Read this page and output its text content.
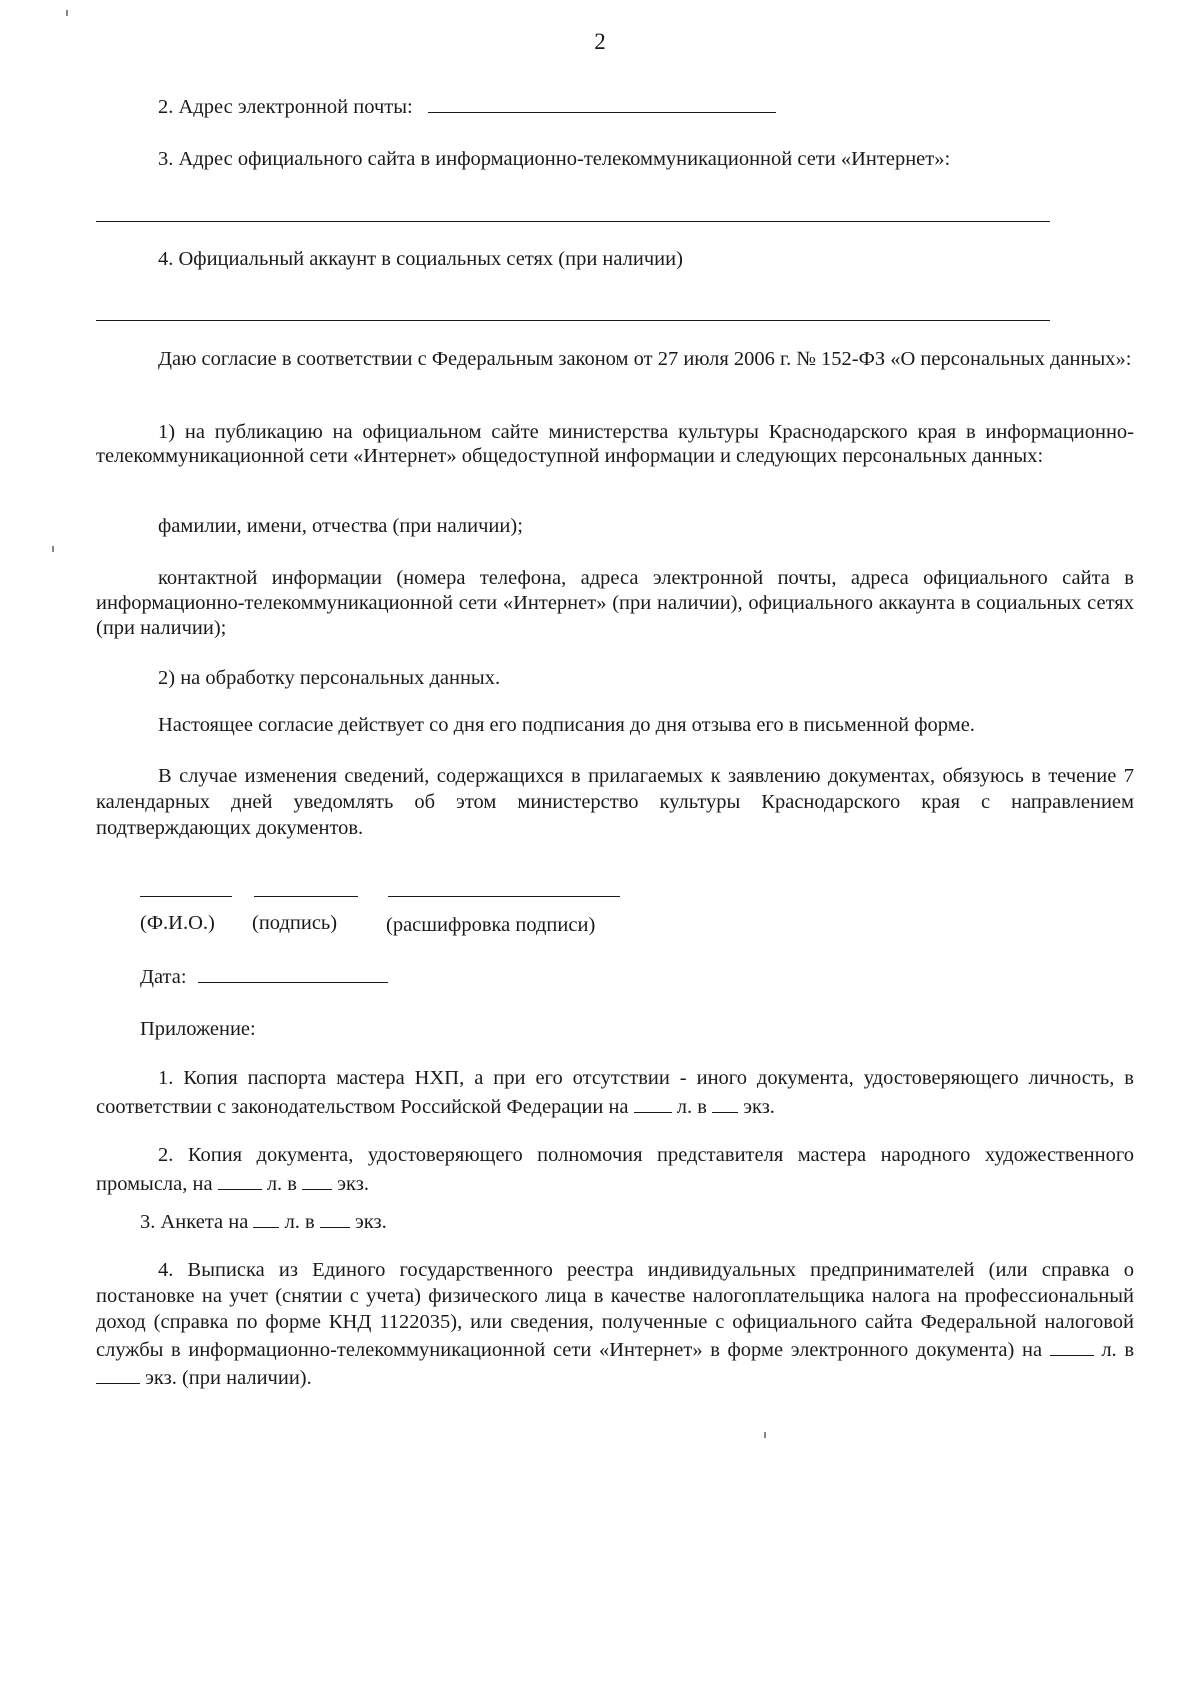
2
2. Адрес электронной почты:
3. Адрес официального сайта в информационно-телекоммуникационной сети «Интернет»:
4. Официальный аккаунт в социальных сетях (при наличии)
Даю согласие в соответствии с Федеральным законом от 27 июля 2006 г. № 152-ФЗ «О персональных данных»:
1) на публикацию на официальном сайте министерства культуры Краснодарского края в информационно-телекоммуникационной сети «Интернет» общедоступной информации и следующих персональных данных:
фамилии, имени, отчества (при наличии);
контактной информации (номера телефона, адреса электронной почты, адреса официального сайта в информационно-телекоммуникационной сети «Интернет» (при наличии), официального аккаунта в социальных сетях (при наличии);
2) на обработку персональных данных.
Настоящее согласие действует со дня его подписания до дня отзыва его в письменной форме.
В случае изменения сведений, содержащихся в прилагаемых к заявлению документах, обязуюсь в течение 7 календарных дней уведомлять об этом министерство культуры Краснодарского края с направлением подтверждающих документов.
(Ф.И.О.) (подпись) (расшифровка подписи)
Дата:
Приложение:
1. Копия паспорта мастера НХП, а при его отсутствии - иного документа, удостоверяющего личность, в соответствии с законодательством Российской Федерации на л. в экз.
2. Копия документа, удостоверяющего полномочия представителя мастера народного художественного промысла, на	л. в экз.
3. Анкета на л. в экз.
4. Выписка из Единого государственного реестра индивидуальных предпринимателей (или справка о постановке на учет (снятии с учета) физического лица в качестве налогоплательщика налога на профессиональный доход (справка по форме КНД 1122035), или сведения, полученные с официального сайта Федеральной налоговой службы в информационно-телекоммуникационной сети «Интернет» в форме электронного документа) на	л. в  экз. (при наличии).
